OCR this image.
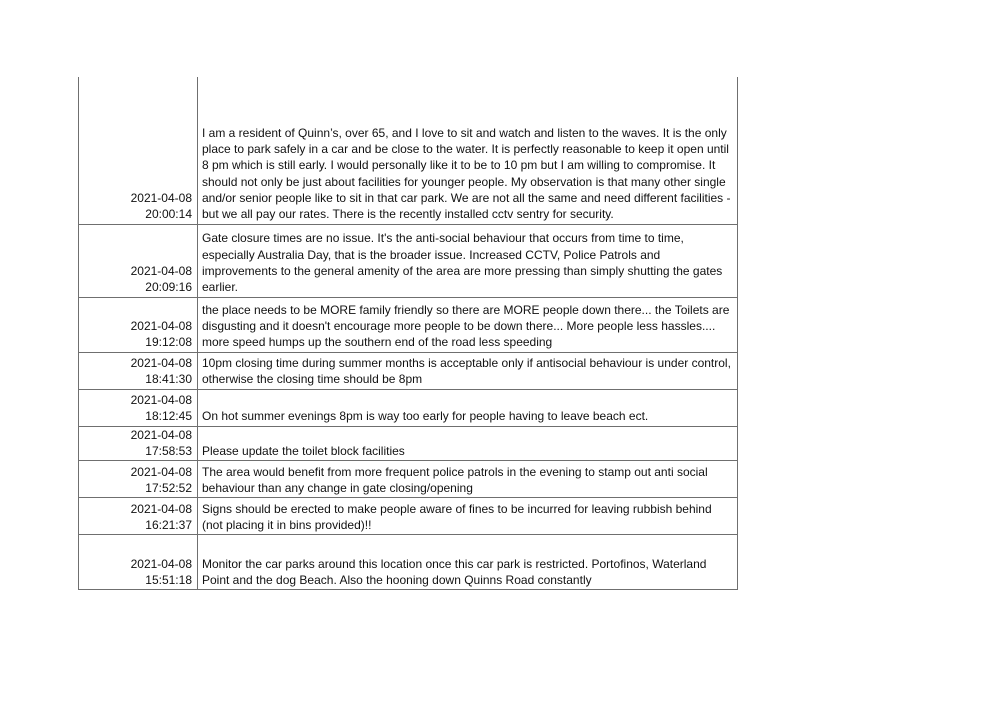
2021-04-08
20:00:14	I am a resident of Quinn’s, over 65, and I love to sit and watch and listen to the waves. It is the only place to park safely in a car and be close to the water. It is perfectly reasonable to keep it open until 8 pm which is still early. I would personally like it to be to 10 pm but I am willing to compromise. It should not only be just about facilities for younger people. My observation is that many other single and/or senior people like to sit in that car park. We are not all the same and need different facilities - but we all pay our rates. There is the recently installed cctv sentry for security.

2021-04-08
20:09:16	Gate closure times are no issue. It's the anti-social behaviour that occurs from time to time, especially Australia Day, that is the broader issue. Increased CCTV, Police Patrols and improvements to the general amenity of the area are more pressing than simply shutting the gates earlier.

2021-04-08
19:12:08	the place needs to be MORE family friendly so there are MORE people down there... the Toilets are disgusting and it doesn't encourage more people to be down there... More people less hassles.... more speed humps up the southern end of the road less speeding

2021-04-08
18:41:30	10pm closing time during summer months is acceptable only if antisocial behaviour is under control, otherwise the closing time should be 8pm

2021-04-08
18:12:45	On hot summer evenings 8pm is way too early for people having to leave beach ect.

2021-04-08
17:58:53	Please update the toilet block facilities

2021-04-08
17:52:52	The area would benefit from more frequent police patrols in the evening to stamp out anti social behaviour than any change in gate closing/opening

2021-04-08
16:21:37	Signs should be erected to make people aware of fines to be incurred for leaving rubbish behind (not placing it in bins provided)!!

2021-04-08
15:51:18	Monitor the car parks around this location once this car park is restricted. Portofinos, Waterland Point and the dog Beach. Also the hooning down Quinns Road constantly
